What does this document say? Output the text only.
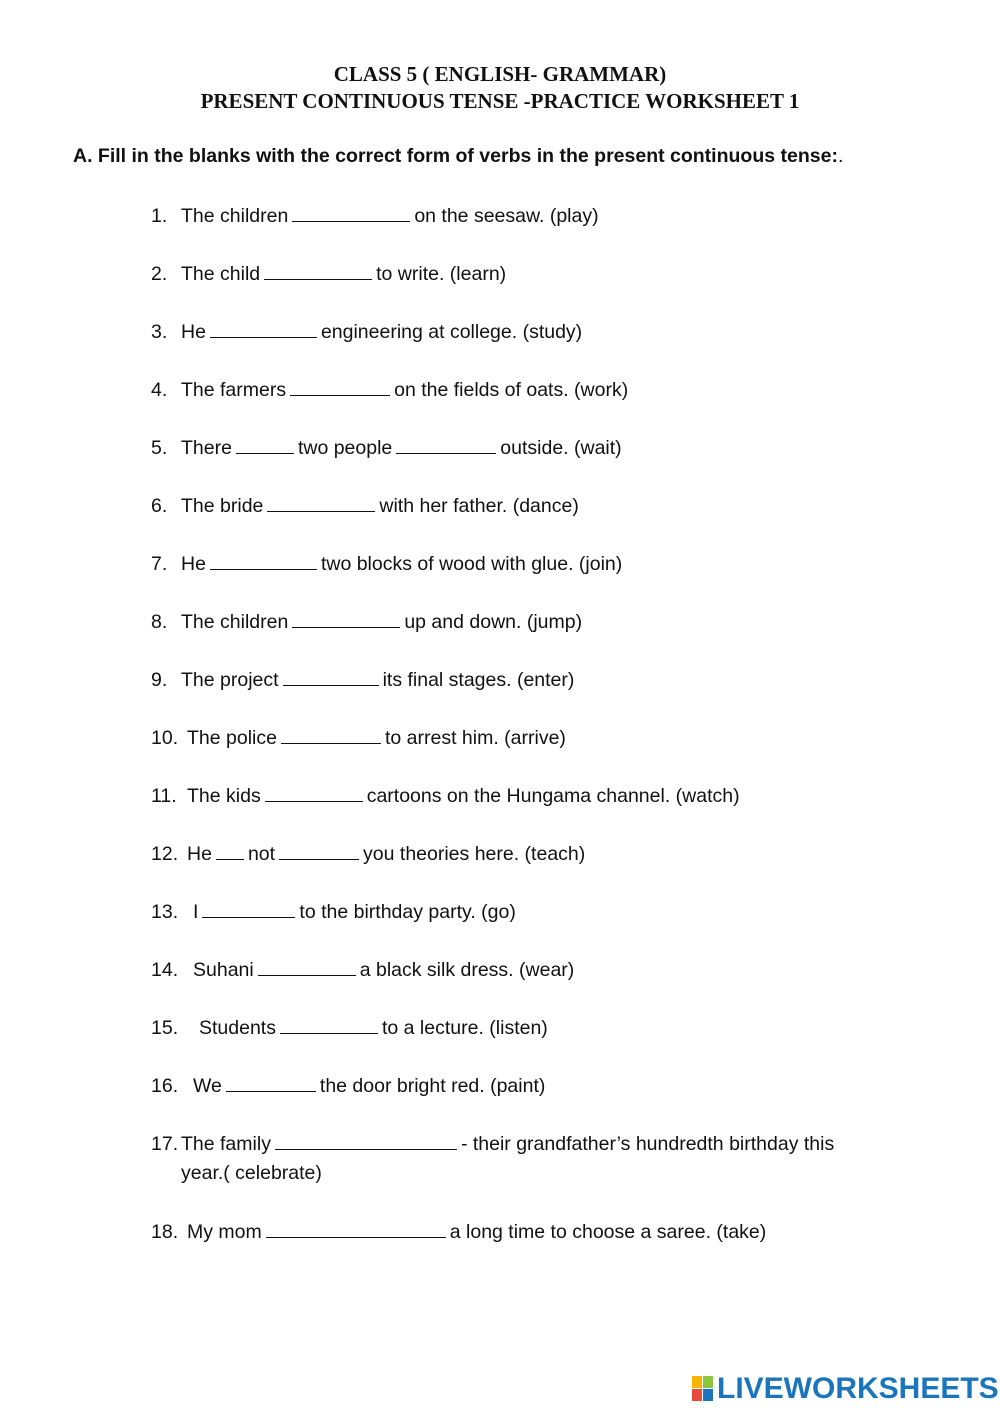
CLASS 5 ( ENGLISH- GRAMMAR)
PRESENT CONTINUOUS TENSE -PRACTICE WORKSHEET 1
A. Fill in the blanks with the correct form of verbs in the present continuous tense:.
1. The children	on the seesaw. (play)
2. The child	to write. (learn)
3. He	engineering at college. (study)
4. The farmers	on the fields of oats. (work)
5. There	two people	outside. (wait)
6. The bride	with her father. (dance)
7. He	two blocks of wood with glue. (join)
8. The children	up and down. (jump)
9. The project	its final stages. (enter)
10. The police	to arrest him. (arrive)
11. The kids	cartoons on the Hungama channel. (watch)
12. He not	you theories here. (teach)
13. I	to the birthday party. (go)
14. Suhani	a black silk dress. (wear)
15. Students	to a lecture. (listen)
16. We	the door bright red. (paint)
17. The family	- their grandfather’s hundredth birthday this
year.( celebrate)
18. My mom	a long time to choose a saree. (take)
LIVEWORKSHEETS
